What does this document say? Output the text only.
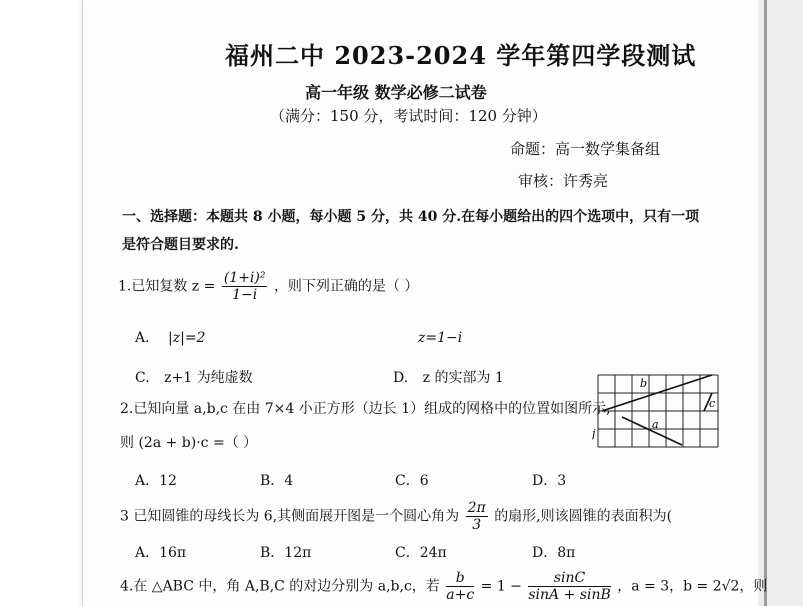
福州二中 2023-2024 学年第四学段测试
高一年级 数学必修二试卷
（满分：150 分，考试时间：120 分钟）
命题：高一数学集备组
审核：许秀亮
一、选择题：本题共 8 小题，每小题 5 分，共 40 分.在每小题给出的四个选项中，只有一项
是符合题目要求的.
1.已知复数 $z = \frac{\text{(1+i)²}}{1-i}$ ，则下列正确的是（ ）
A. |z|=2	z=1−i
C. z+1 为纯虚数	D. z 的实部为 1
2.已知向量 a,b,c 在由 7×4 小正方形（边长 1）组成的网格中的位置如图所示,
则 (2a + b)·c =（ ）
A．12	B．4	C．6	D．3
b
a
c
j
3 已知圆锥的母线长为 6,其侧面展开图是一个圆心角为 $\frac{2\pi}{3}$ 的扇形,则该圆锥的表面积为(
A．16π	B．12π	C．24π	D．8π
4.在 △ABC 中，角 A,B,C 的对边分别为 a,b,c，若 $\frac{b}{a+c} = 1 - \frac{\sin C}{\sin A + \sin B}$ ，a = 3，b = 2√2，则
